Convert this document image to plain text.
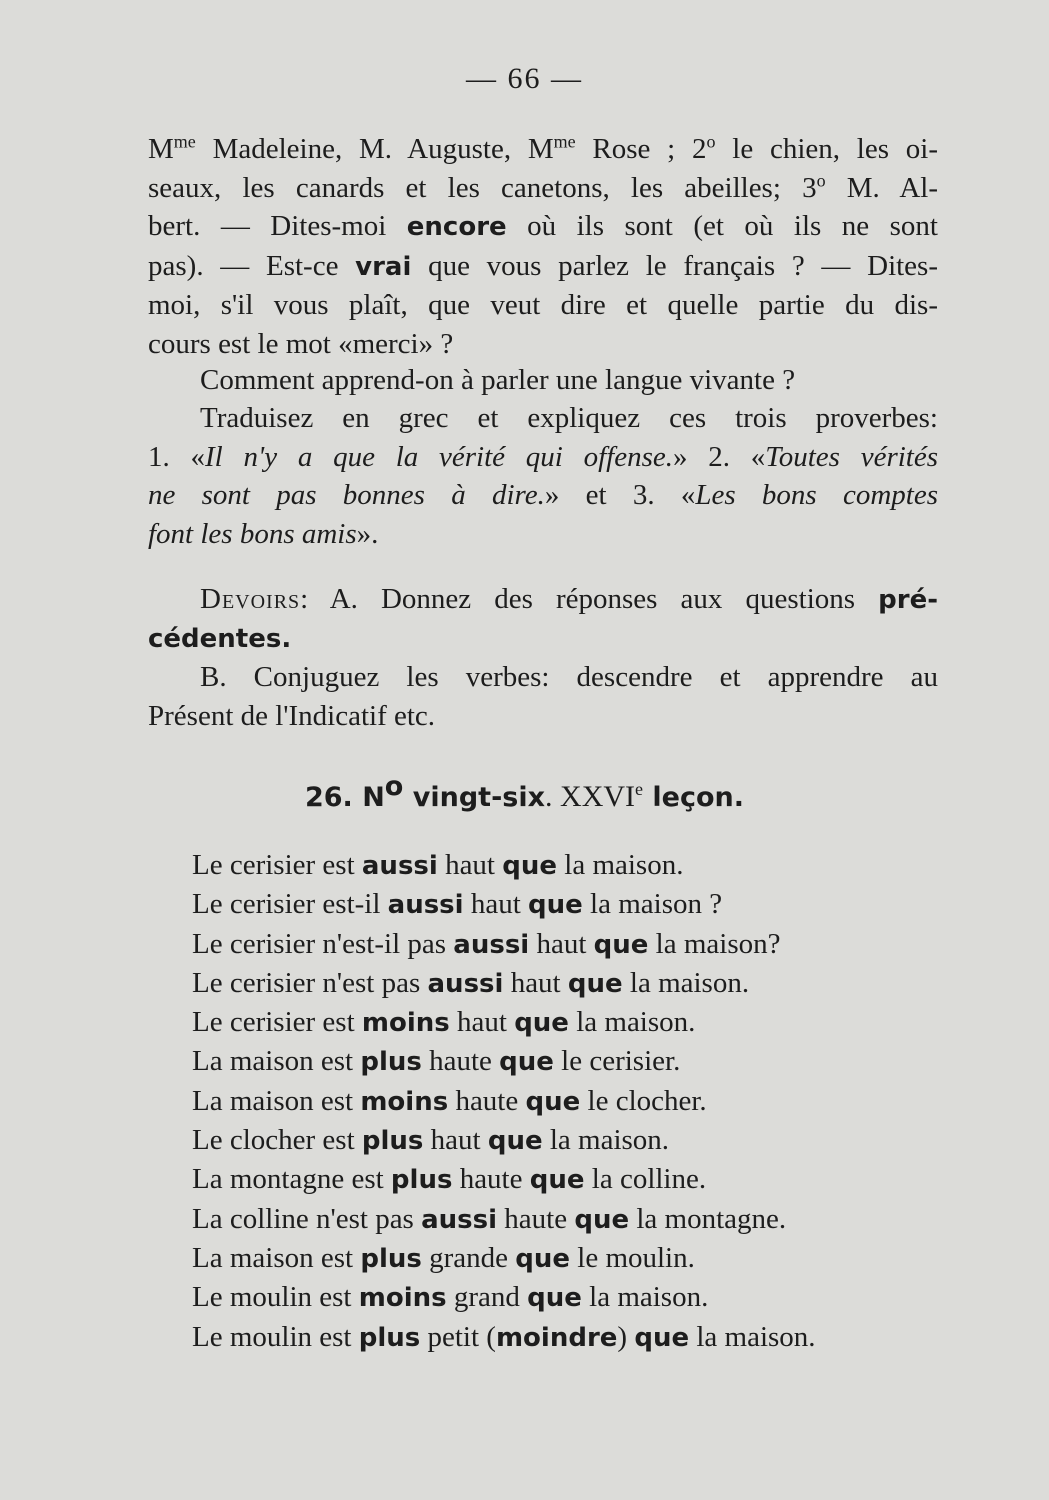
— 66 —
$M^{me}$ Madeleine, M. Auguste, $M^{me}$ Rose ; 2$^o$ le chien, les oi-
seaux, les canards et les canetons, les abeilles; 3$^o$ M. Al-
bert. — Dites-moi encore où ils sont (et où ils ne sont
pas). — Est-ce vrai que vous parlez le français ? — Dites-
moi, s'il vous plaît, que veut dire et quelle partie du dis-
cours est le mot «merci» ?
Comment apprend-on à parler une langue vivante ?
Traduisez en grec et expliquez ces trois proverbes:
1. «Il n'y a que la vérité qui offense.» 2. «Toutes vérités
ne sont pas bonnes à dire.» et 3. «Les bons comptes
font les bons amis».
Devoirs: A. Donnez des réponses aux questions pré-
cédentes.
B. Conjuguez les verbes: descendre et apprendre au
Présent de l'Indicatif etc.
26. $N^o$ vingt-six. XXVIe leçon.
Le cerisier est aussi haut que la maison.
Le cerisier est-il aussi haut que la maison ?
Le cerisier n'est-il pas aussi haut que la maison?
Le cerisier n'est pas aussi haut que la maison.
Le cerisier est moins haut que la maison.
La maison est plus haute que le cerisier.
La maison est moins haute que le clocher.
Le clocher est plus haut que la maison.
La montagne est plus haute que la colline.
La colline n'est pas aussi haute que la montagne.
La maison est plus grande que le moulin.
Le moulin est moins grand que la maison.
Le moulin est plus petit (moindre) que la maison.
